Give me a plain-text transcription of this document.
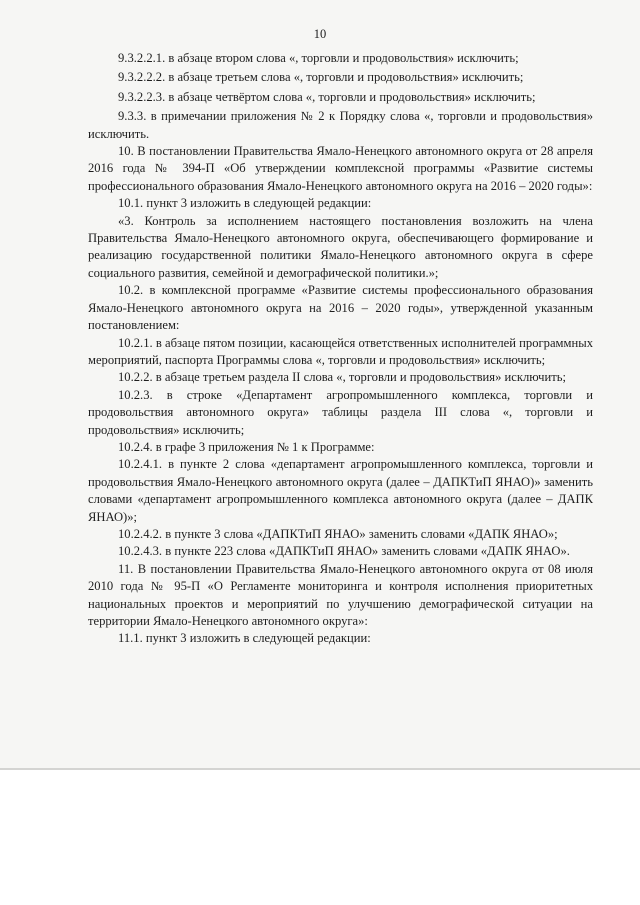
10

9.3.2.2.1. в абзаце втором слова «, торговли и продовольствия» исключить;

9.3.2.2.2. в абзаце третьем слова «, торговли и продовольствия» исключить;

9.3.2.2.3. в абзаце четвёртом слова «, торговли и продовольствия» исключить;

9.3.3. в примечании приложения № 2 к Порядку слова «, торговли и продовольствия» исключить.

10. В постановлении Правительства Ямало-Ненецкого автономного округа от 28 апреля 2016 года № 394-П «Об утверждении комплексной программы «Развитие системы профессионального образования Ямало-Ненецкого автономного округа на 2016 – 2020 годы»:

10.1. пункт 3 изложить в следующей редакции:

«3. Контроль за исполнением настоящего постановления возложить на члена Правительства Ямало-Ненецкого автономного округа, обеспечивающего формирование и реализацию государственной политики Ямало-Ненецкого автономного округа в сфере социального развития, семейной и демографической политики.»;

10.2. в комплексной программе «Развитие системы профессионального образования Ямало-Ненецкого автономного округа на 2016 – 2020 годы», утвержденной указанным постановлением:

10.2.1. в абзаце пятом позиции, касающейся ответственных исполнителей программных мероприятий, паспорта Программы слова «, торговли и продовольствия» исключить;

10.2.2. в абзаце третьем раздела II слова «, торговли и продовольствия» исключить;

10.2.3. в строке «Департамент агропромышленного комплекса, торговли и продовольствия автономного округа» таблицы раздела III слова «, торговли и продовольствия» исключить;

10.2.4. в графе 3 приложения № 1 к Программе:

10.2.4.1. в пункте 2 слова «департамент агропромышленного комплекса, торговли и продовольствия Ямало-Ненецкого автономного округа (далее – ДАПКТиП ЯНАО)» заменить словами «департамент агропромышленного комплекса автономного округа (далее – ДАПК ЯНАО)»;

10.2.4.2. в пункте 3 слова «ДАПКТиП ЯНАО» заменить словами «ДАПК ЯНАО»;

10.2.4.3. в пункте 223 слова «ДАПКТиП ЯНАО» заменить словами «ДАПК ЯНАО».

11. В постановлении Правительства Ямало-Ненецкого автономного округа от 08 июля 2010 года № 95-П «О Регламенте мониторинга и контроля исполнения приоритетных национальных проектов и мероприятий по улучшению демографической ситуации на территории Ямало-Ненецкого автономного округа»:

11.1. пункт 3 изложить в следующей редакции:
